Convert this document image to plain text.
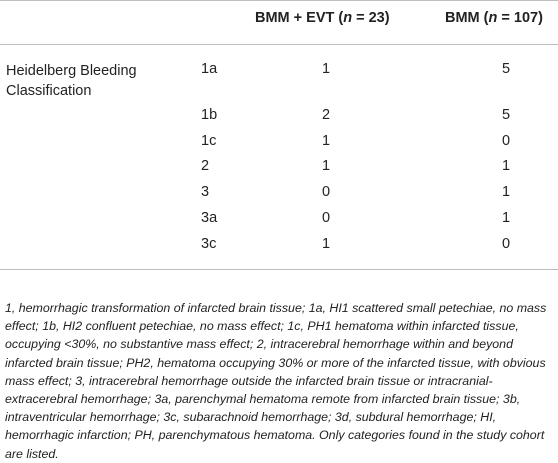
BMM + EVT (n = 23)	BMM (n = 107)
Heidelberg Bleeding Classification
1a	1	5
1b	2	5
1c	1	0
2	1	1
3	0	1
3a	0	1
3c	1	0
1, hemorrhagic transformation of infarcted brain tissue; 1a, HI1 scattered small petechiae, no mass effect; 1b, HI2 confluent petechiae, no mass effect; 1c, PH1 hematoma within infarcted tissue, occupying <30%, no substantive mass effect; 2, intracerebral hemorrhage within and beyond infarcted brain tissue; PH2, hematoma occupying 30% or more of the infarcted tissue, with obvious mass effect; 3, intracerebral hemorrhage outside the infarcted brain tissue or intracranial-extracerebral hemorrhage; 3a, parenchymal hematoma remote from infarcted brain tissue; 3b, intraventricular hemorrhage; 3c, subarachnoid hemorrhage; 3d, subdural hemorrhage; HI, hemorrhagic infarction; PH, parenchymatous hematoma. Only categories found in the study cohort are listed.
